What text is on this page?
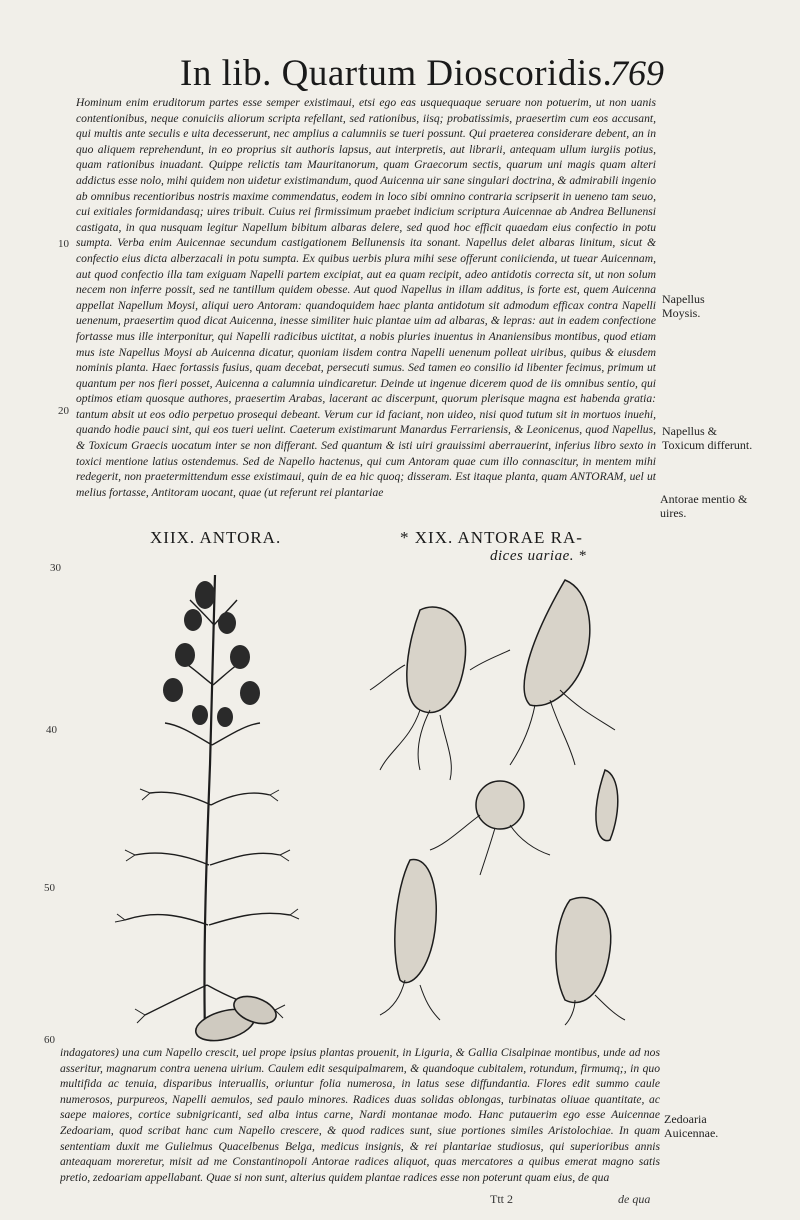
In lib. Quartum Dioscoridis.
769
Hominum enim eruditorum partes esse semper existimaui, etsi ego eas usquequaque seruare non potuerim, ut non uanis contentionibus, neque conuiciis aliorum scripta refellant, sed rationibus, iisq; probatissimis, praesertim cum eos accusant, qui multis ante seculis e uita decesserunt, nec amplius a calumniis se tueri possunt. Qui praeterea considerare debent, an in quo aliquem reprehendunt, in eo proprius sit authoris lapsus, aut interpretis, aut librarii, antequam ullum iurgiis potius, quam rationibus inuadant. Quippe relictis tam Mauritanorum, quam Graecorum sectis, quarum uni magis quam alteri addictus esse nolo, mihi quidem non uidetur existimandum, quod Auicenna uir sane singulari doctrina, & admirabili ingenio ab omnibus recentioribus nostris maxime commendatus, eodem in loco sibi omnino contraria scripserit in ueneno tam seuo, cui exitiales formidandasq; uires tribuit. Cuius rei firmissimum praebet indicium scriptura Auicennae ab Andrea Bellunensi castigata, in qua nusquam legitur Napellum bibitum albaras delere, sed quod hoc efficit quaedam eius confectio in potu sumpta. Verba enim Auicennae secundum castigationem Bellunensis ita sonant. Napellus delet albaras linitum, sicut & confectio eius dicta alberzacali in potu sumpta. Ex quibus uerbis plura mihi sese offerunt coniicienda, ut tuear Auicennam, aut quod confectio illa tam exiguam Napelli partem excipiat, aut ea quam recipit, adeo antidotis correcta sit, ut non solum necem non inferre possit, sed ne tantillum quidem obesse. Aut quod Napellus in illam additus, is forte est, quem Auicenna appellat Napellum Moysi, aliqui uero Antoram: quandoquidem haec planta antidotum sit admodum efficax contra Napelli uenenum, praesertim quod dicat Auicenna, inesse similiter huic plantae uim ad albaras, & lepras: aut in eadem confectione fortasse mus ille interponitur, qui Napelli radicibus uictitat, a nobis pluries inuentus in Ananiensibus montibus, quod etiam mus iste Napellus Moysi ab Auicenna dicatur, quoniam iisdem contra Napelli uenenum polleat uiribus, quibus & eiusdem nominis planta. Haec fortassis fusius, quam decebat, persecuti sumus. Sed tamen eo consilio id libenter fecimus, primum ut quantum per nos fieri posset, Auicenna a calumnia uindicaretur. Deinde ut ingenue dicerem quod de iis omnibus sentio, qui optimos etiam quosque authores, praesertim Arabas, lacerant ac discerpunt, quorum plerisque magna est habenda gratia: tantum absit ut eos odio perpetuo prosequi debeant. Verum cur id faciant, non uideo, nisi quod tutum sit in mortuos inuehi, quando hodie pauci sint, qui eos tueri uelint. Caeterum existimarunt Manardus Ferrariensis, & Leonicenus, quod Napellus, & Toxicum Graecis uocatum inter se non differant. Sed quantum & isti uiri grauissimi aberrauerint, inferius libro sexto in toxici mentione latius ostendemus. Sed de Napello hactenus, qui cum Antoram quae cum illo connascitur, in mentem mihi redegerit, non praetermittendum esse existimaui, quin de ea hic quoq; disseram. Est itaque planta, quam ANTORAM, uel ut melius fortasse, Antitoram uocant, quae (ut referunt rei plantariae
10
20
30
40
50
60
Napellus Moysis.
Napellus & Toxicum differunt.
Antorae mentio & uires.
Zedoaria Auicennae.
XIIX. ANTORA.	* XIX. ANTORAE RA-
dices uariae. *
indagatores) una cum Napello crescit, uel prope ipsius plantas prouenit, in Liguria, & Gallia Cisalpinae montibus, unde ad nos asseritur, magnarum contra uenena uirium. Caulem edit sesquipalmarem, & quandoque cubitalem, rotundum, firmumq;, in quo multifida ac tenuia, disparibus interuallis, oriuntur folia numerosa, in latus sese diffundantia. Flores edit summo caule numerosos, purpureos, Napelli aemulos, sed paulo minores. Radices duas solidas oblongas, turbinatas oliuae quantitate, ac saepe maiores, cortice subnigricanti, sed alba intus carne, Nardi montanae modo. Hanc putauerim ego esse Auicennae Zedoariam, quod scribat hanc cum Napello crescere, & quod radices sunt, siue portiones similes Aristolochiae. In quam sententiam duxit me Gulielmus Quacelbenus Belga, medicus insignis, & rei plantariae studiosus, qui superioribus annis anteaquam moreretur, misit ad me Constantinopoli Antorae radices aliquot, quas mercatores a quibus emerat magno satis pretio, zedoariam appellabant. Quae si non sunt, alterius quidem plantae radices esse non poterunt quam eius, de qua
Ttt 2	de qua
